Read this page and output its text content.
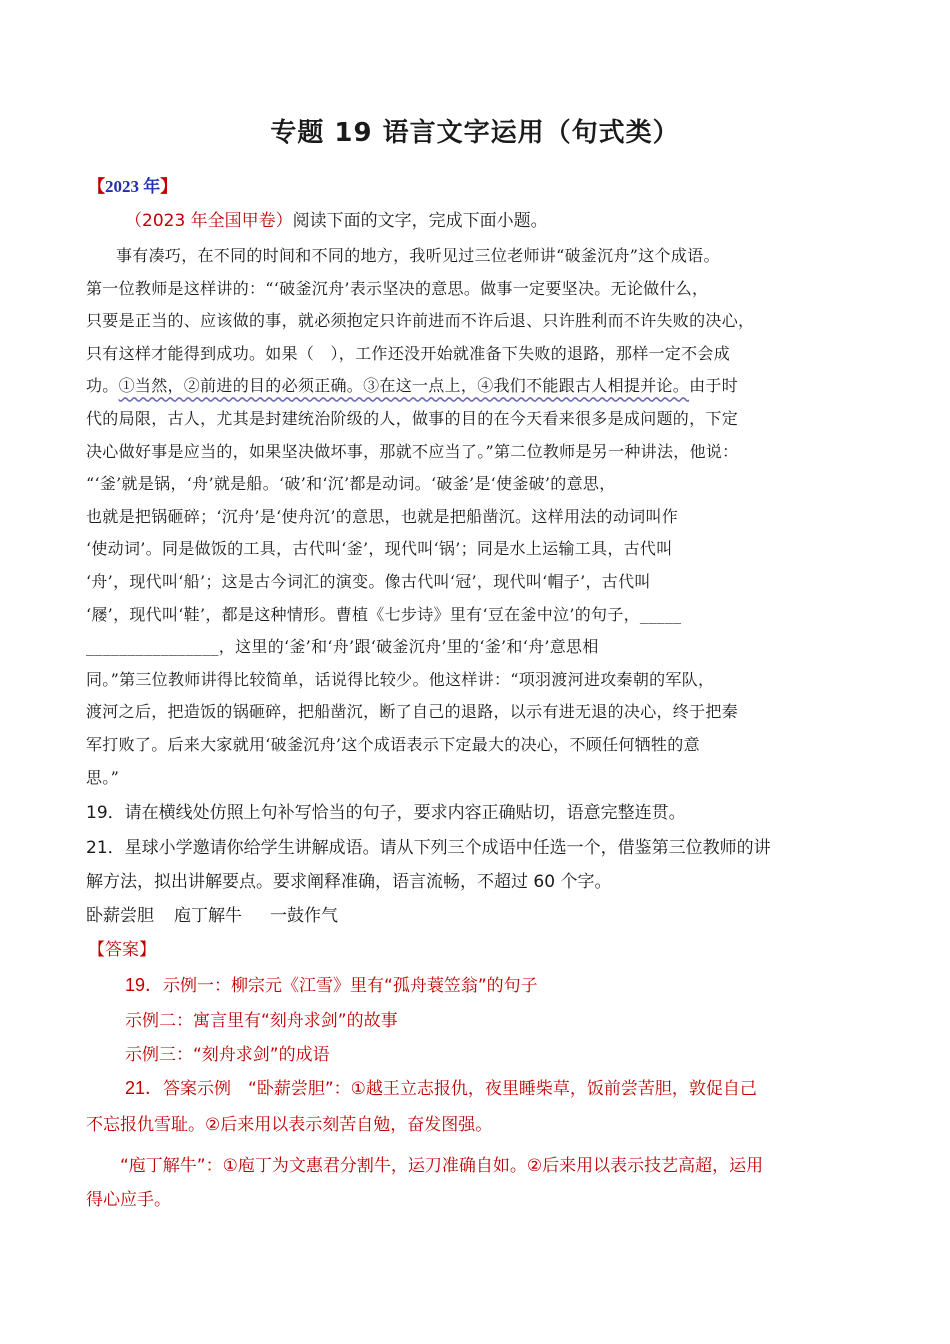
专题 19 语言文字运用（句式类）
【2023 年】
（2023 年全国甲卷）阅读下面的文字，完成下面小题。
事有凑巧，在不同的时间和不同的地方，我听见过三位老师讲“破釜沉舟”这个成语。
第一位教师是这样讲的：“‘破釜沉舟’表示坚决的意思。做事一定要坚决。无论做什么，
只要是正当的、应该做的事，就必须抱定只许前进而不许后退、只许胜利而不许失败的决心，
只有这样才能得到成功。如果（　），工作还没开始就准备下失败的退路，那样一定不会成
功。①当然，②前进的目的必须正确。③在这一点上，④我们不能跟古人相提并论。由于时
代的局限，古人，尤其是封建统治阶级的人，做事的目的在今天看来很多是成问题的，下定
决心做好事是应当的，如果坚决做坏事，那就不应当了。”第二位教师是另一种讲法，他说：
“‘釜’就是锅，‘舟’就是船。‘破’和‘沉’都是动词。‘破釜’是‘使釜破’的意思，
也就是把锅砸碎；‘沉舟’是‘使舟沉’的意思，也就是把船凿沉。这样用法的动词叫作
‘使动词’。同是做饭的工具，古代叫‘釜’，现代叫‘锅’；同是水上运输工具，古代叫
‘舟’，现代叫‘船’；这是古今词汇的演变。像古代叫‘冠’，现代叫‘帽子’，古代叫
‘屦’，现代叫‘鞋’，都是这种情形。曹植《七步诗》里有‘豆在釜中泣’的句子，_____
________________，这里的‘釜’和‘舟’跟‘破釜沉舟’里的‘釜’和‘舟’意思相
同。”第三位教师讲得比较简单，话说得比较少。他这样讲：“项羽渡河进攻秦朝的军队，
渡河之后，把造饭的锅砸碎，把船凿沉，断了自己的退路，以示有进无退的决心，终于把秦
军打败了。后来大家就用‘破釜沉舟’这个成语表示下定最大的决心，不顾任何牺牲的意
思。”
19．请在横线处仿照上句补写恰当的句子，要求内容正确贴切，语意完整连贯。
21．星球小学邀请你给学生讲解成语。请从下列三个成语中任选一个，借鉴第三位教师的讲
解方法，拟出讲解要点。要求阐释准确，语言流畅，不超过 60 个字。
卧薪尝胆 庖丁解牛 一鼓作气
【答案】
19．示例一：柳宗元《江雪》里有“孤舟蓑笠翁”的句子
示例二：寓言里有“刻舟求剑”的故事
示例三：“刻舟求剑”的成语
21．答案示例　“卧薪尝胆”：①越王立志报仇，夜里睡柴草，饭前尝苦胆，敦促自己
不忘报仇雪耻。②后来用以表示刻苦自勉，奋发图强。
“庖丁解牛”：①庖丁为文惠君分割牛，运刀准确自如。②后来用以表示技艺高超，运用
得心应手。
